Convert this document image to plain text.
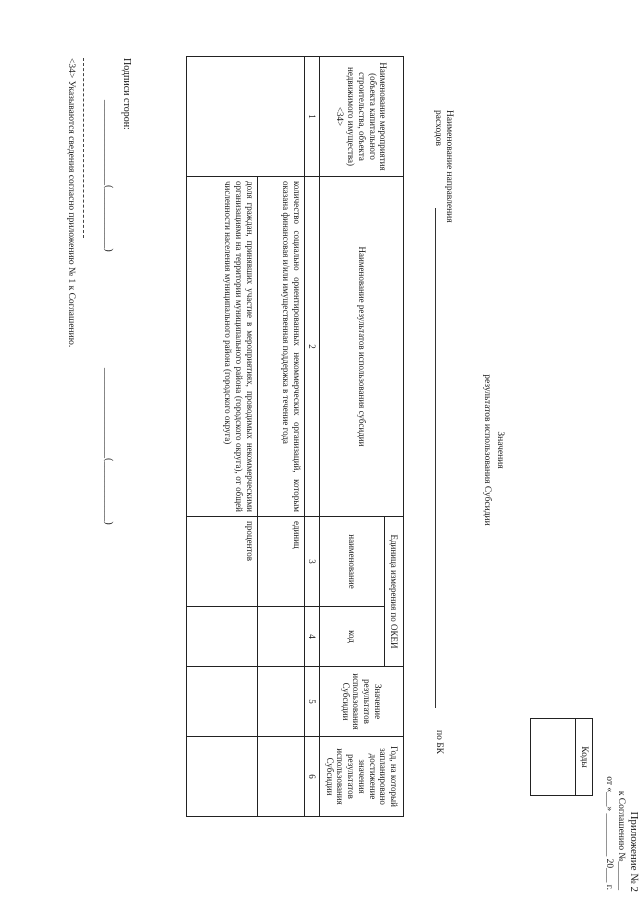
Приложение № 2
к Соглашению №______
от «___» _________ 20___ г.
Значения
результатов использования Субсидии
Коды

Наименование направления расходов
по БК
Наименование мероприятия (объекта капитального строительства, объекта недвижимого имущества) <34>	Наименование результатов использования субсидии	Единица измерения по ОКЕИ		Значение результатов использования Субсидии	Год, на который запланировано достижение значения результатов использования Субсидии
		наименование	код		
1	2	3	4	5	6
	количество социально ориентированных некоммерческих организаций, которым оказана финансовая и/или имущественная поддержка в течение года	единиц			
	доля граждан, принявших участие в мероприятиях, проводимых некоммерческими организациями на территории муниципального района (городского округа), от общей численности населения муниципального района (городского округа)	процентов			
Подписи сторон:
_________________(____________)
__________________(____________)
<34> Указываются сведения согласно приложению № 1 к Соглашению.
